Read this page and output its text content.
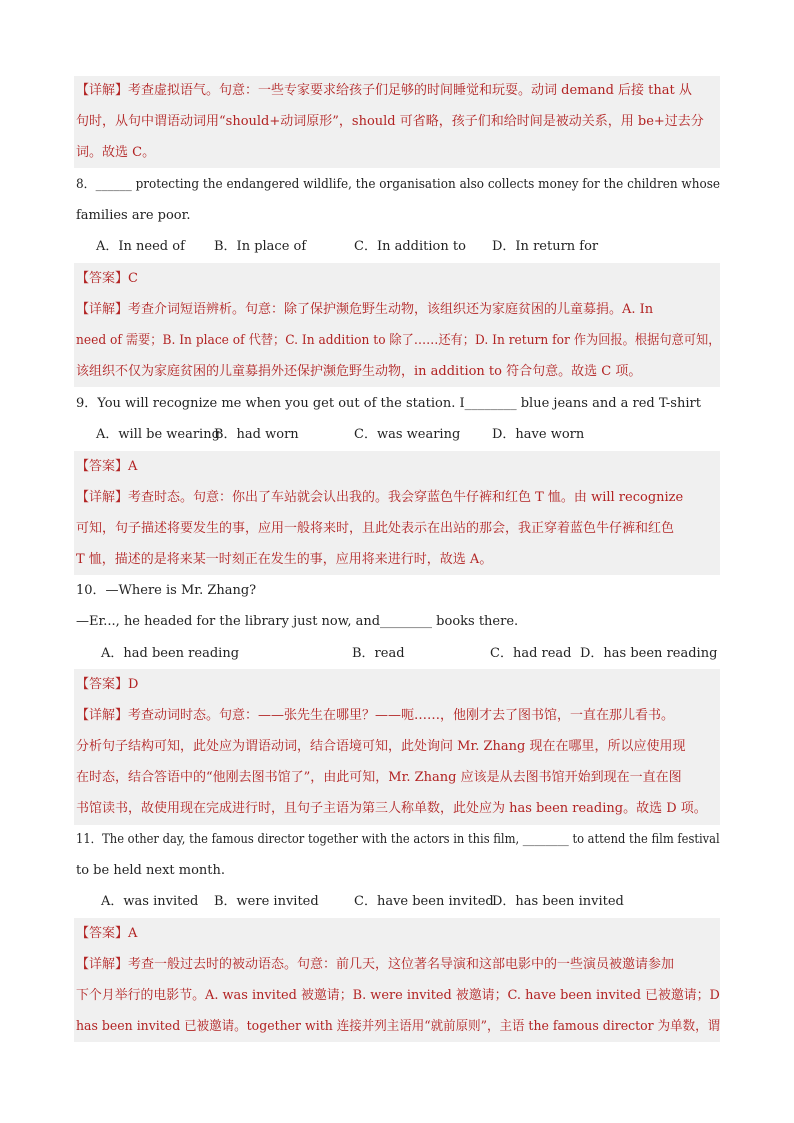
【详解】考查虚拟语气。句意：一些专家要求给孩子们足够的时间睡觉和玩耍。动词 demand 后接 that 从
句时，从句中谓语动词用“should+动词原形”，should 可省略，孩子们和给时间是被动关系，用 be+过去分
词。故选 C。
8．______ protecting the endangered wildlife, the organisation also collects money for the children whose
families are poor.
A．In need of B．In place of	C．In addition to D．In return for
【答案】C
【详解】考查介词短语辨析。句意：除了保护濒危野生动物，该组织还为家庭贫困的儿童募捐。A. In
need of 需要；B. In place of 代替；C. In addition to 除了……还有；D. In return for 作为回报。根据句意可知，
该组织不仅为家庭贫困的儿童募捐外还保护濒危野生动物，in addition to 符合句意。故选 C 项。
9．You will recognize me when you get out of the station. I________ blue jeans and a red T-shirt
A．will be wearing
B．had worn	C．was wearing D．have worn
【答案】A
【详解】考查时态。句意：你出了车站就会认出我的。我会穿蓝色牛仔裤和红色 T 恤。由 will recognize
可知，句子描述将要发生的事，应用一般将来时，且此处表示在出站的那会，我正穿着蓝色牛仔裤和红色
T 恤，描述的是将来某一时刻正在发生的事，应用将来进行时，故选 A。
10．—Where is Mr. Zhang?
—Er..., he headed for the library just now, and________ books there.
A．had been reading	B．read	C．had read D．has been reading
【答案】D
【详解】考查动词时态。句意：——张先生在哪里？——呃……，他刚才去了图书馆，一直在那儿看书。
分析句子结构可知，此处应为谓语动词，结合语境可知，此处询问 Mr. Zhang 现在在哪里，所以应使用现
在时态，结合答语中的“他刚去图书馆了”，由此可知，Mr. Zhang 应该是从去图书馆开始到现在一直在图
书馆读书，故使用现在完成进行时，且句子主语为第三人称单数，此处应为 has been reading。故选 D 项。
11．The other day, the famous director together with the actors in this film, ________ to attend the film festival
to be held next month.
A．was invited B．were invited	C．have been invited
D．has been invited
【答案】A
【详解】考查一般过去时的被动语态。句意：前几天，这位著名导演和这部电影中的一些演员被邀请参加
下个月举行的电影节。A. was invited 被邀请；B. were invited 被邀请；C. have been invited 已被邀请；D
has been invited 已被邀请。together with 连接并列主语用“就前原则”，主语 the famous director 为单数，谓
